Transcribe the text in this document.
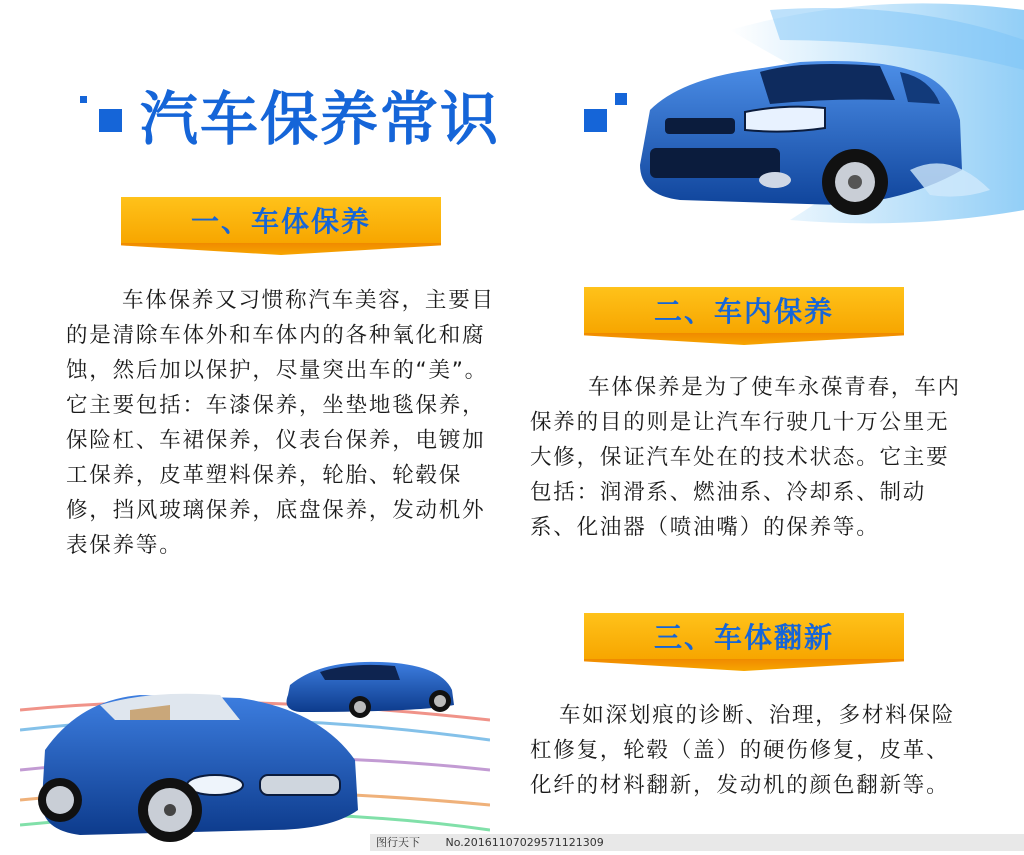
汽车保养常识
一、车体保养

车体保养又习惯称汽车美容，主要目的是清除车体外和车体内的各种氧化和腐蚀，然后加以保护，尽量突出车的“美”。它主要包括：车漆保养，坐垫地毯保养，保险杠、车裙保养，仪表台保养，电镀加工保养，皮革塑料保养，轮胎、轮毂保修，挡风玻璃保养，底盘保养，发动机外表保养等。

二、车内保养

车体保养是为了使车永葆青春，车内保养的目的则是让汽车行驶几十万公里无大修，保证汽车处在的技术状态。它主要包括：润滑系、燃油系、冷却系、制动系、化油器（喷油嘴）的保养等。

三、车体翻新

车如深划痕的诊断、治理，多材料保险杠修复，轮毂（盖）的硬伤修复，皮革、化纤的材料翻新，发动机的颜色翻新等。

图行天下 No.20161107029571121309
